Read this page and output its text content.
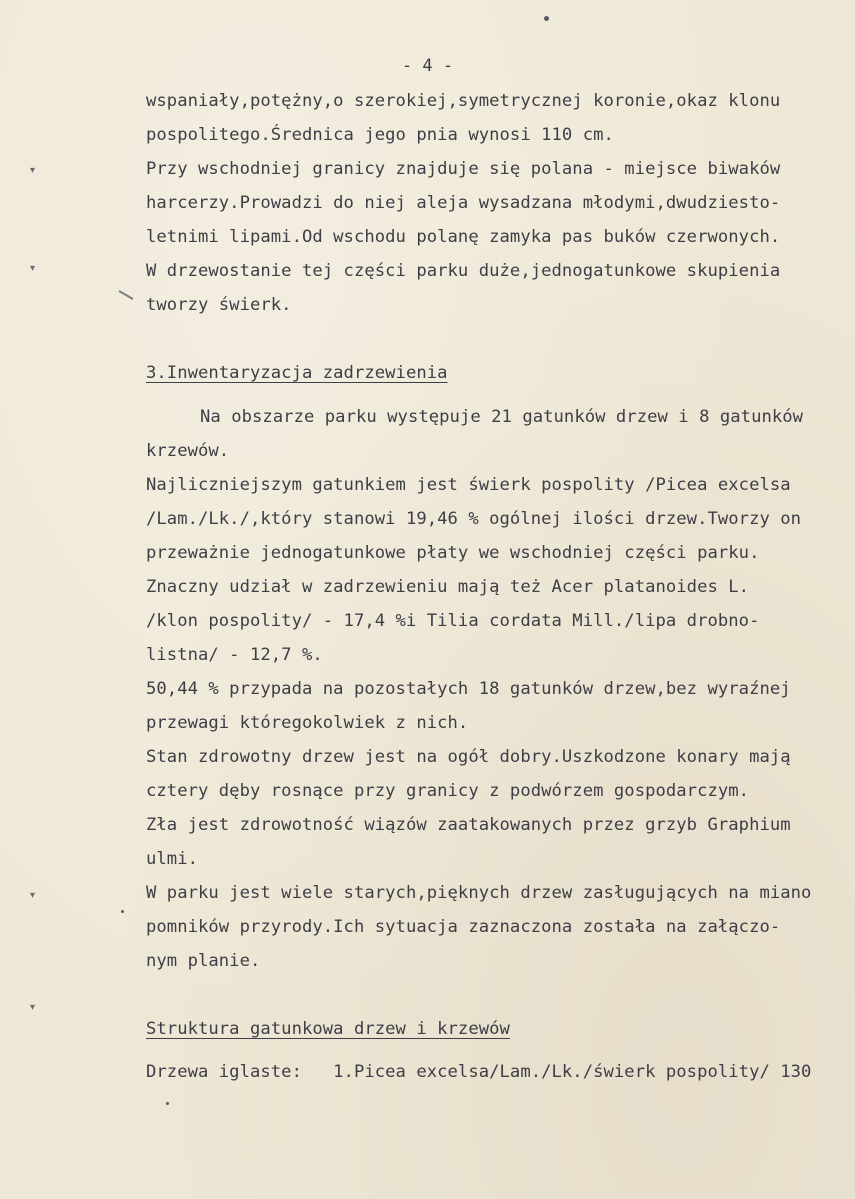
- 4 -
wspaniały,potężny,o szerokiej,symetrycznej koronie,okaz klonu
pospolitego.Średnica jego pnia wynosi 110 cm.
Przy wschodniej granicy znajduje się polana - miejsce biwaków
harcerzy.Prowadzi do niej aleja wysadzana młodymi,dwudziesto-
letnimi lipami.Od wschodu polanę zamyka pas buków czerwonych.
W drzewostanie tej części parku duże,jednogatunkowe skupienia
tworzy świerk.
3.Inwentaryzacja zadrzewienia
Na obszarze parku występuje 21 gatunków drzew i 8 gatunków
krzewów.
Najliczniejszym gatunkiem jest świerk pospolity /Picea excelsa
/Lam./Lk./,który stanowi 19,46 % ogólnej ilości drzew.Tworzy on
przeważnie jednogatunkowe płaty we wschodniej części parku.
Znaczny udział w zadrzewieniu mają też Acer platanoides L.
/klon pospolity/ - 17,4 %i Tilia cordata Mill./lipa drobno-
listna/ - 12,7 %.
50,44 % przypada na pozostałych 18 gatunków drzew,bez wyraźnej
przewagi któregokolwiek z nich.
Stan zdrowotny drzew jest na ogół dobry.Uszkodzone konary mają
cztery dęby rosnące przy granicy z podwórzem gospodarczym.
Zła jest zdrowotność wiązów zaatakowanych przez grzyb Graphium
ulmi.
W parku jest wiele starych,pięknych drzew zasługujących na miano
pomników przyrody.Ich sytuacja zaznaczona została na załączo-
nym planie.
Struktura gatunkowa drzew i krzewów
Drzewa iglaste:   1.Picea excelsa/Lam./Lk./świerk pospolity/ 130
▾
▾
▾
▾
